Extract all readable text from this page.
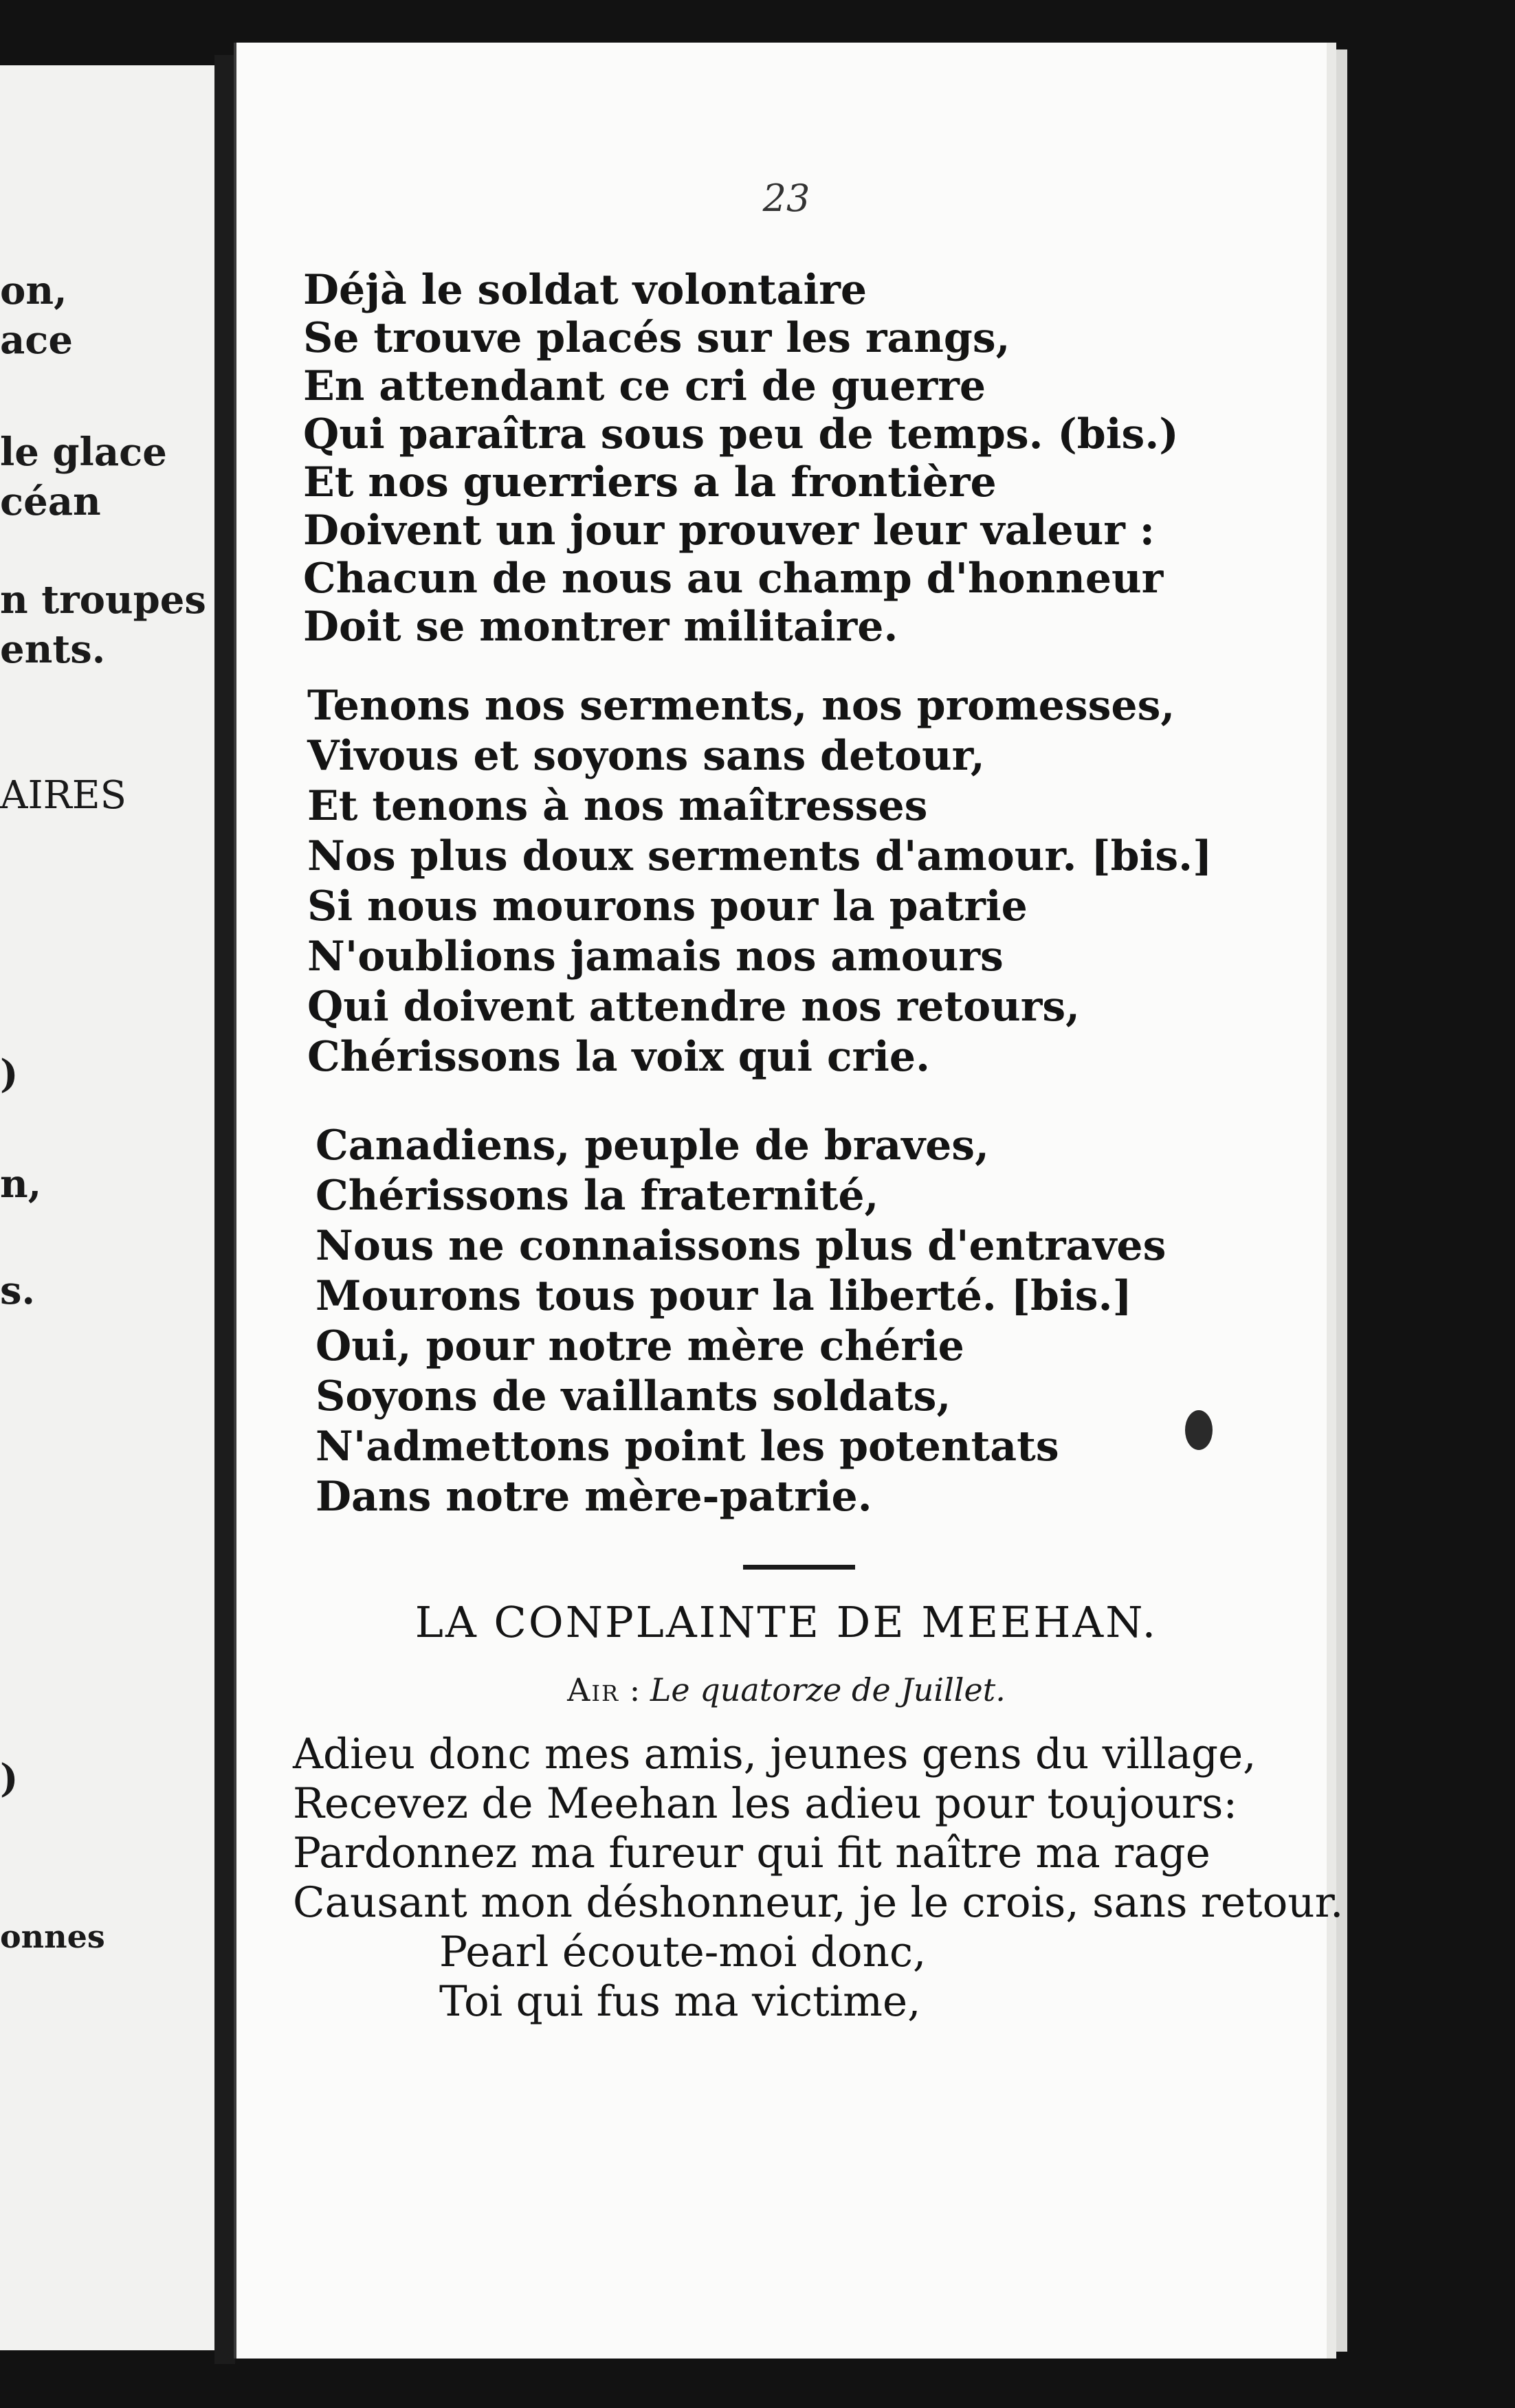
on,
ace
le glace
céan
n troupes
ents.
AIRES
)
n,
s.
)
onnes
23
Déjà le soldat volontaire
Se trouve placés sur les rangs,
En attendant ce cri de guerre
Qui paraîtra sous peu de temps. (bis.)
Et nos guerriers a la frontière
Doivent un jour prouver leur valeur :
Chacun de nous au champ d'honneur
Doit se montrer militaire.
Tenons nos serments, nos promesses,
Vivous et soyons sans detour,
Et tenons à nos maîtresses
Nos plus doux serments d'amour. [bis.]
Si nous mourons pour la patrie
N'oublions jamais nos amours
Qui doivent attendre nos retours,
Chérissons la voix qui crie.
Canadiens, peuple de braves,
Chérissons la fraternité,
Nous ne connaissons plus d'entraves
Mourons tous pour la liberté. [bis.]
Oui, pour notre mère chérie
Soyons de vaillants soldats,
N'admettons point les potentats
Dans notre mère-patrie.
LA CONPLAINTE DE MEEHAN.
Air : Le quatorze de Juillet.
Adieu donc mes amis, jeunes gens du village,
Recevez de Meehan les adieu pour toujours:
Pardonnez ma fureur qui fit naître ma rage
Causant mon déshonneur, je le crois, sans retour.
Pearl écoute-moi donc,
Toi qui fus ma victime,
